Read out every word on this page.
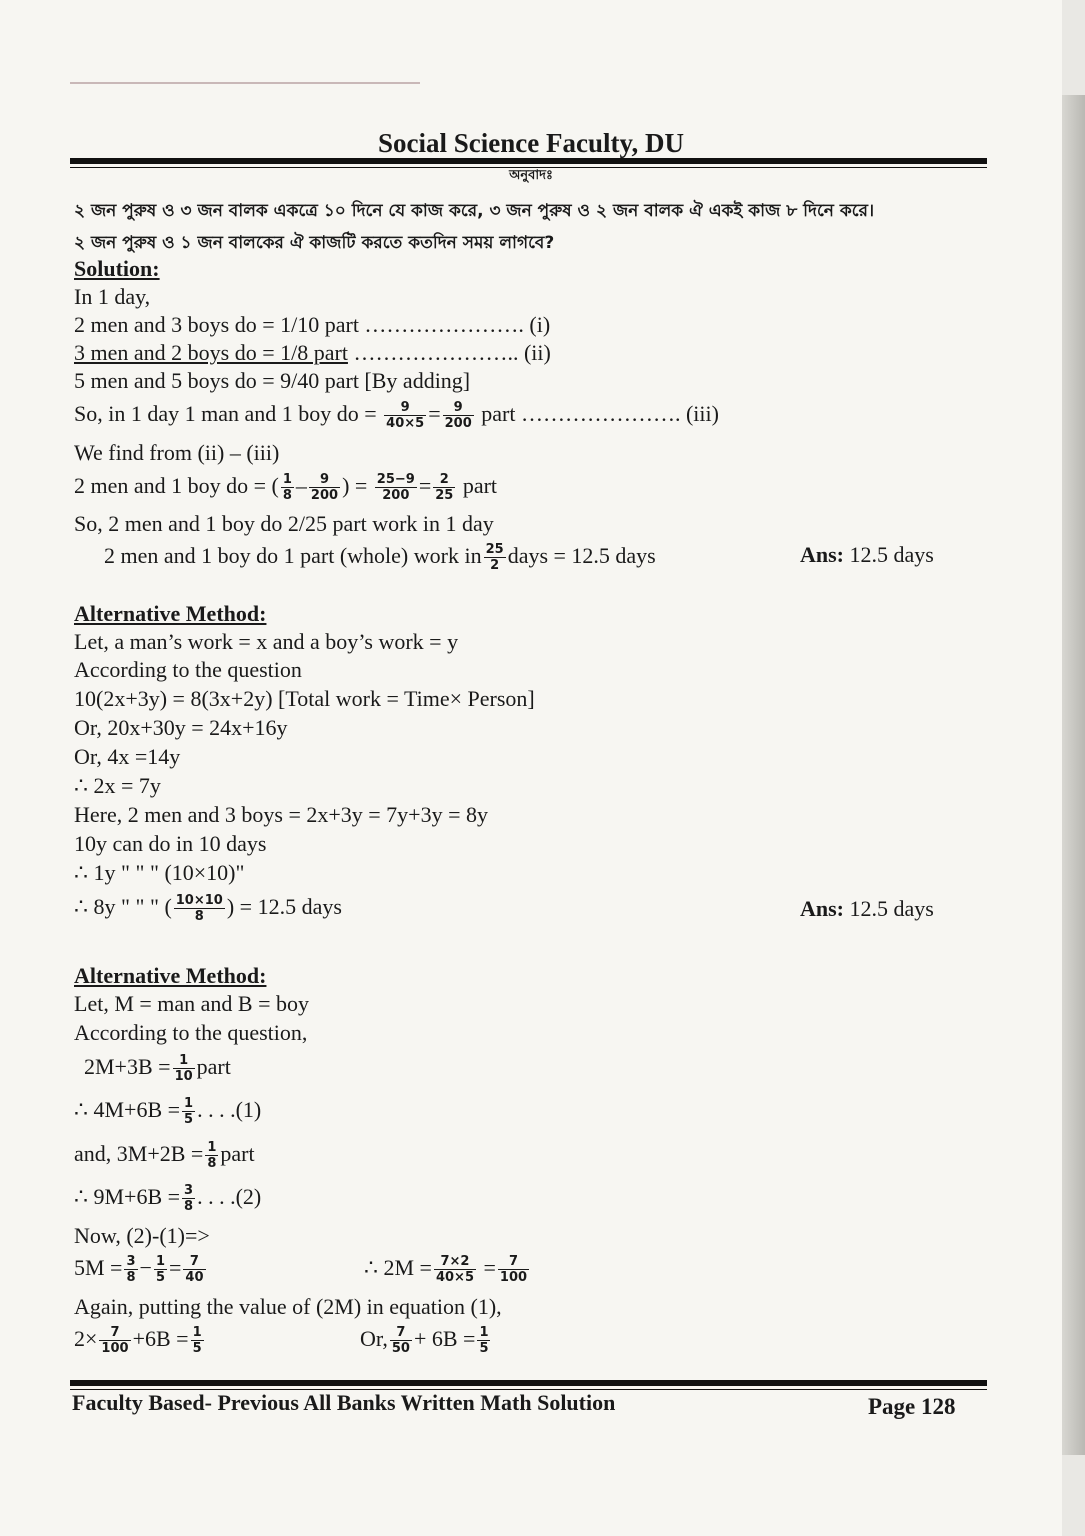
Social Science Faculty, DU
অনুবাদঃ
২ জন পুরুষ ও ৩ জন বালক একত্রে ১০ দিনে যে কাজ করে, ৩ জন পুরুষ ও ২ জন বালক ঐ একই কাজ ৮ দিনে করে।
২ জন পুরুষ ও ১ জন বালকের ঐ কাজটি করতে কতদিন সময় লাগবে?
Solution:
In 1 day,
2 men and 3 boys do = 1/10 part …………………. (i)
3 men and 2 boys do = 1/8 part ………………….. (ii)
5 men and 5 boys do = 9/40 part [By adding]
So, in 1 day 1 man and 1 boy do = $\frac{9}{40\times 5} = \frac{9}{200}$ part …………………. (iii)
We find from (ii) – (iii)
2 men and 1 boy do = ( $\frac{1}{8} - \frac{9}{200}$ ) = $\frac{25-9}{200} = \frac{2}{25}$ part
So, 2 men and 1 boy do 2/25 part work in 1 day
2 men and 1 boy do 1 part (whole) work in $\frac{25}{2}$ days = 12.5 days	Ans: 12.5 days
Alternative Method:
Let, a man’s work = x and a boy’s work = y
According to the question
10(2x+3y) = 8(3x+2y) [Total work = Time× Person]
Or, 20x+30y = 24x+16y
Or, 4x =14y
∴ 2x = 7y
Here, 2 men and 3 boys = 2x+3y = 7y+3y = 8y
10y can do in 10 days
∴ 1y " " " (10×10)"
∴ 8y " " " ( $\frac{10\times 10}{8}$ ) = 12.5 days	Ans: 12.5 days
Alternative Method:
Let, M = man and B = boy
According to the question,
$2M+3B = \frac{1}{10}$ part
∴ $4M+6B = \frac{1}{5}$ . . . .(1)
and, $3M+2B = \frac{1}{8}$ part
∴ $9M+6B = \frac{3}{8}$ . . . .(2)
Now, (2)-(1)=>
$5M = \frac{3}{8} - \frac{1}{5} = \frac{7}{40}$	∴ $2M = \frac{7\times 2}{40\times 5} = \frac{7}{100}$
Again, putting the value of (2M) in equation (1),
$2\times \frac{7}{100} +6B = \frac{1}{5}$	Or, $\frac{7}{50} + 6B = \frac{1}{5}$
Faculty Based- Previous All Banks Written Math Solution	Page 128
